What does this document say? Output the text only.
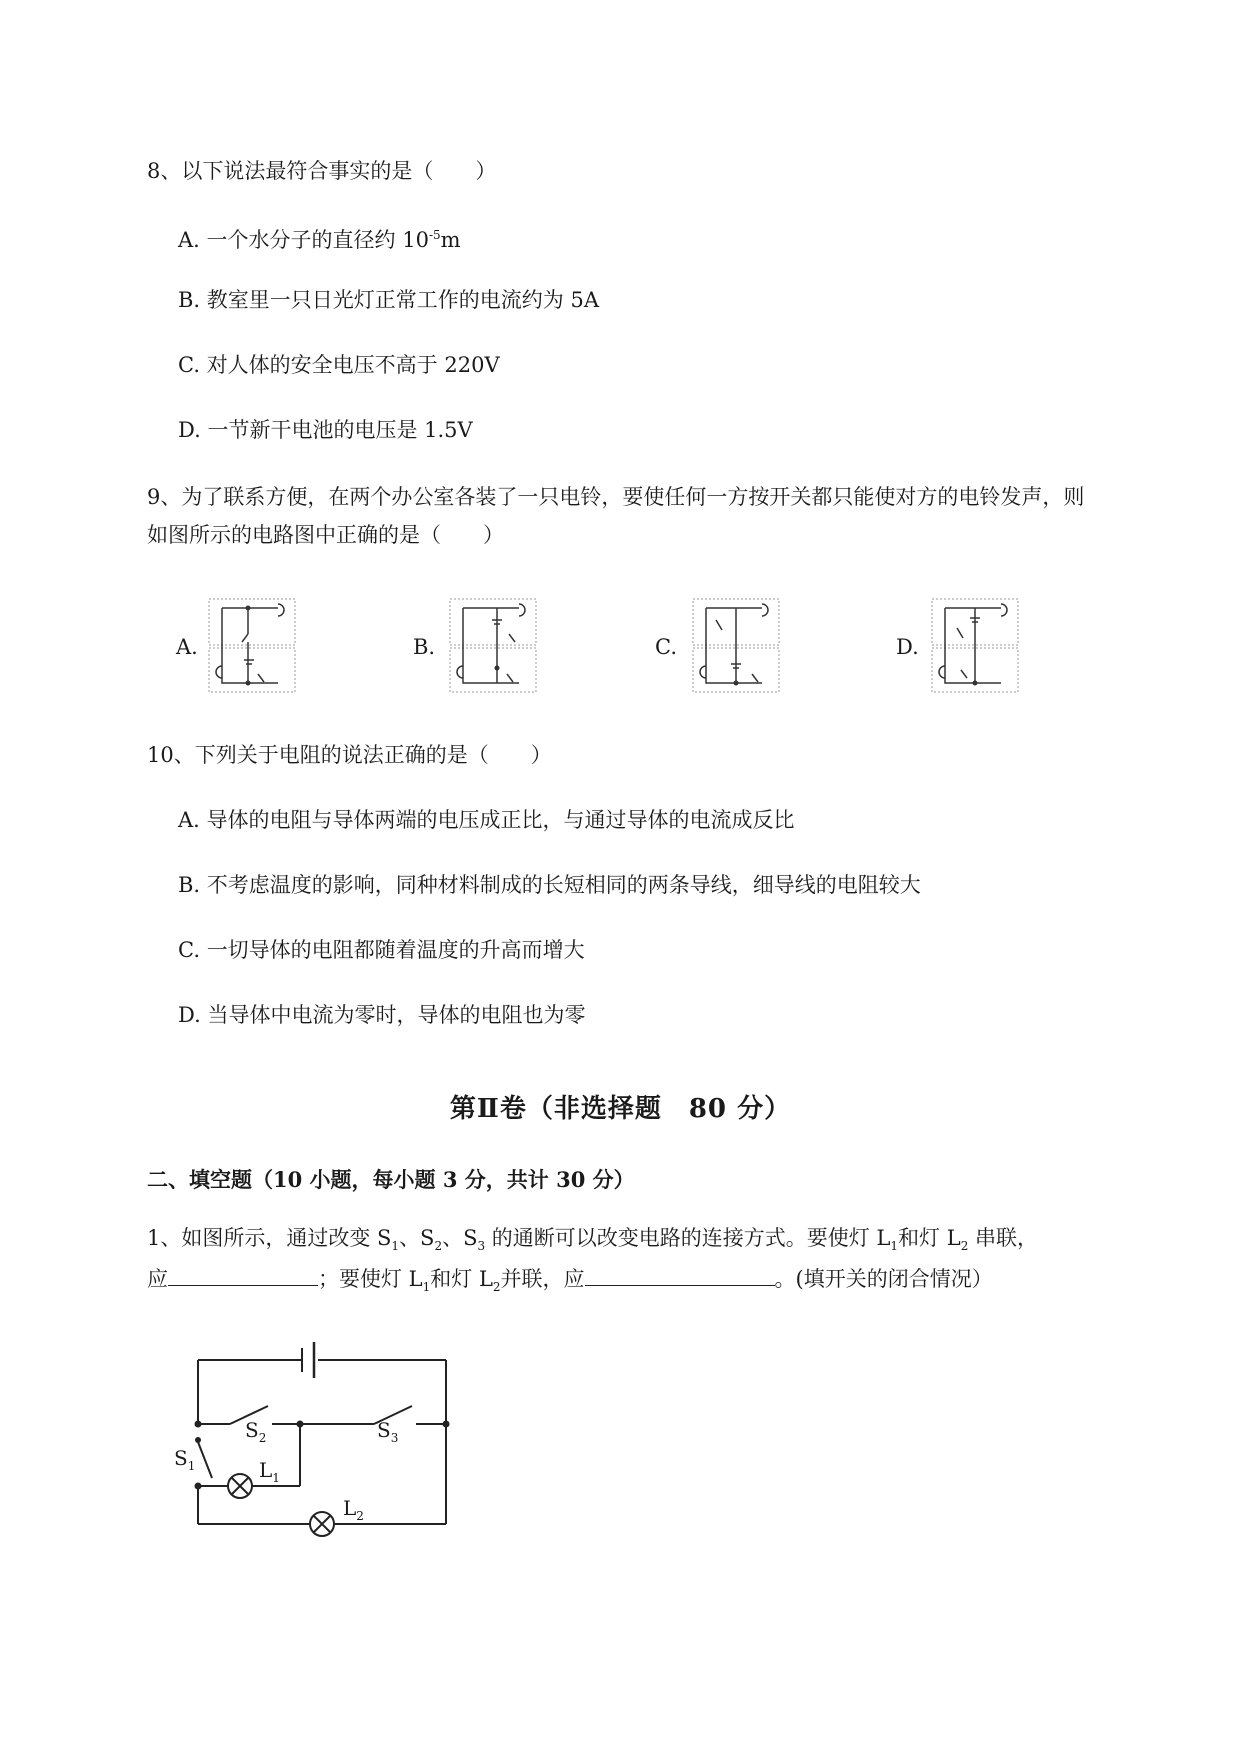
8、以下说法最符合事实的是（　　）
A. 一个水分子的直径约 $10^{-5}m$
B. 教室里一只日光灯正常工作的电流约为 5A
C. 对人体的安全电压不高于 220V
D. 一节新干电池的电压是 1.5V
9、为了联系方便，在两个办公室各装了一只电铃，要使任何一方按开关都只能使对方的电铃发声，则
如图所示的电路图中正确的是（　　）
A.	B.	C.	D.
10、下列关于电阻的说法正确的是（　　）
A. 导体的电阻与导体两端的电压成正比，与通过导体的电流成反比
B. 不考虑温度的影响，同种材料制成的长短相同的两条导线，细导线的电阻较大
C. 一切导体的电阻都随着温度的升高而增大
D. 当导体中电流为零时，导体的电阻也为零
第Ⅱ卷（非选择题　80 分）
二、填空题（10 小题，每小题 3 分，共计 30 分）
1、如图所示，通过改变 $S_1$、$S_2$、$S_3$ 的通断可以改变电路的连接方式。要使灯 $L_1$和灯 $L_2$ 串联，
应	；要使灯 $L_1$和灯 $L_2$并联，应	。(填开关的闭合情况）
$S_2$	$S_3$
$S_1$	$L_1$
$L_2$
